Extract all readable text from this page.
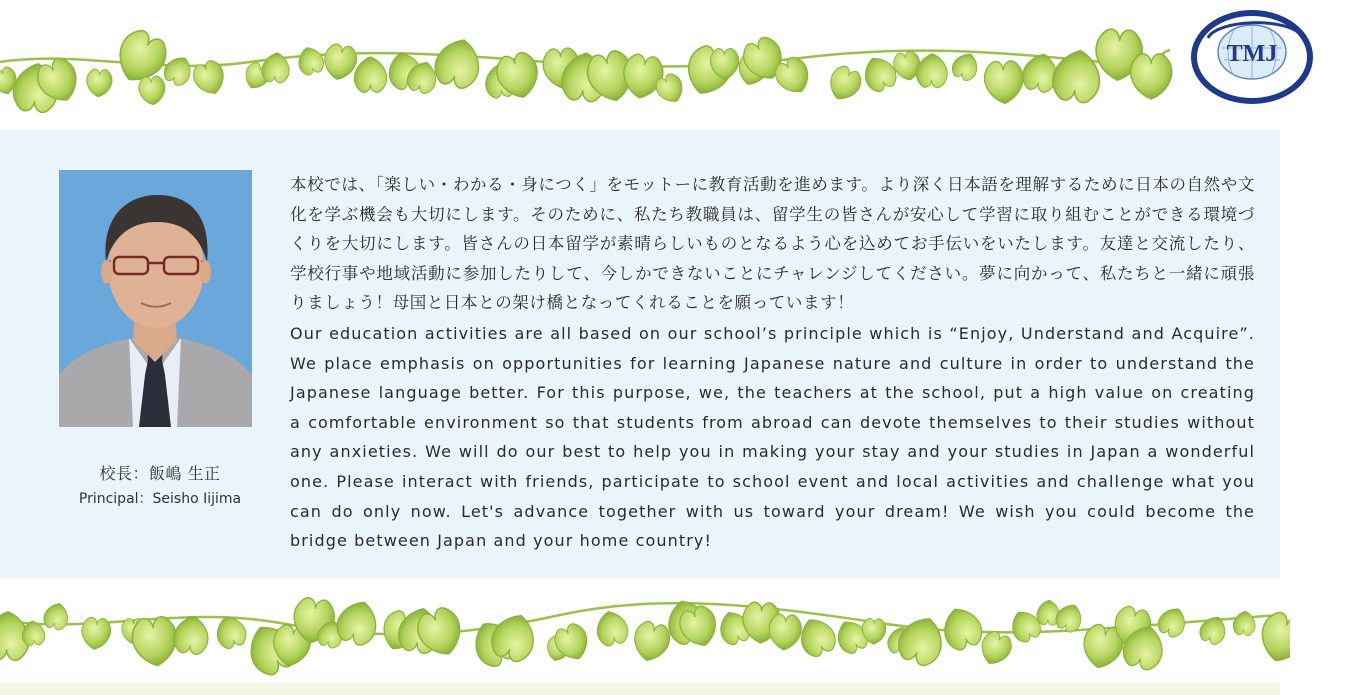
TMJ
校長：飯嶋 生正
Principal：Seisho Iijima

本校では、「楽しい・わかる・身につく」をモットーに教育活動を進めます。より深く日本語を理解するために日本の自然や文化を学ぶ機会も大切にします。そのために、私たち教職員は、留学生の皆さんが安心して学習に取り組むことができる環境づくりを大切にします。皆さんの日本留学が素晴らしいものとなるよう心を込めてお手伝いをいたします。友達と交流したり、学校行事や地域活動に参加したりして、今しかできないことにチャレンジしてください。夢に向かって、私たちと一緒に頑張りましょう！母国と日本との架け橋となってくれることを願っています！

Our education activities are all based on our school’s principle which is “Enjoy, Understand and Acquire”. We place emphasis on opportunities for learning Japanese nature and culture in order to understand the Japanese language better. For this purpose, we, the teachers at the school, put a high value on creating a comfortable environment so that students from abroad can devote themselves to their studies without any anxieties. We will do our best to help you in making your stay and your studies in Japan a wonderful one. Please interact with friends, participate to school event and local activities and challenge what you can do only now. Let's advance together with us toward your dream! We wish you could become the bridge between Japan and your home country!
